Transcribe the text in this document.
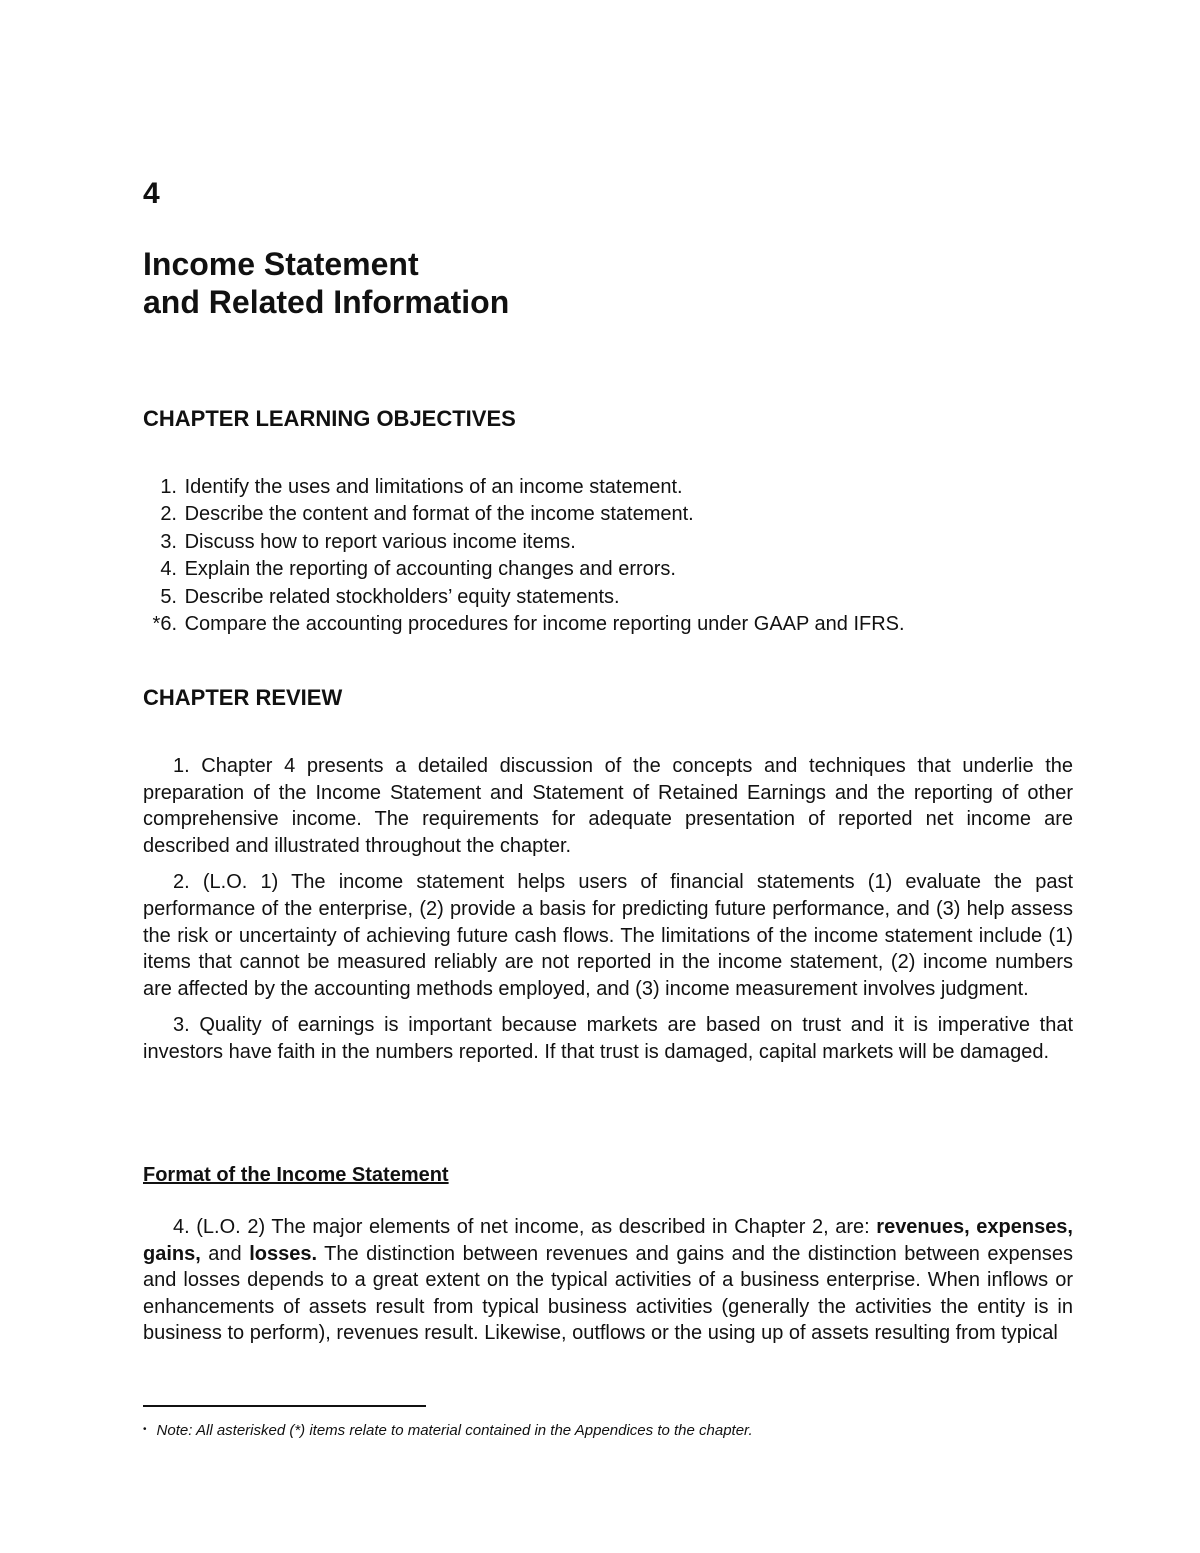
4
Income Statement
and Related Information
CHAPTER LEARNING OBJECTIVES
1. Identify the uses and limitations of an income statement.
2. Describe the content and format of the income statement.
3. Discuss how to report various income items.
4. Explain the reporting of accounting changes and errors.
5. Describe related stockholders’ equity statements.
*6. Compare the accounting procedures for income reporting under GAAP and IFRS.
CHAPTER REVIEW

1. Chapter 4 presents a detailed discussion of the concepts and techniques that underlie the preparation of the Income Statement and Statement of Retained Earnings and the reporting of other comprehensive income. The requirements for adequate presentation of reported net income are described and illustrated throughout the chapter.

2. (L.O. 1) The income statement helps users of financial statements (1) evaluate the past performance of the enterprise, (2) provide a basis for predicting future performance, and (3) help assess the risk or uncertainty of achieving future cash flows. The limitations of the income statement include (1) items that cannot be measured reliably are not reported in the income statement, (2) income numbers are affected by the accounting methods employed, and (3) income measurement involves judgment.

3. Quality of earnings is important because markets are based on trust and it is imperative that investors have faith in the numbers reported. If that trust is damaged, capital markets will be damaged.

Format of the Income Statement

4. (L.O. 2) The major elements of net income, as described in Chapter 2, are: revenues, expenses, gains, and losses. The distinction between revenues and gains and the distinction between expenses and losses depends to a great extent on the typical activities of a business enterprise. When inflows or enhancements of assets result from typical business activities (generally the activities the entity is in business to perform), revenues result. Likewise, outflows or the using up of assets resulting from typical

• Note: All asterisked (*) items relate to material contained in the Appendices to the chapter.
